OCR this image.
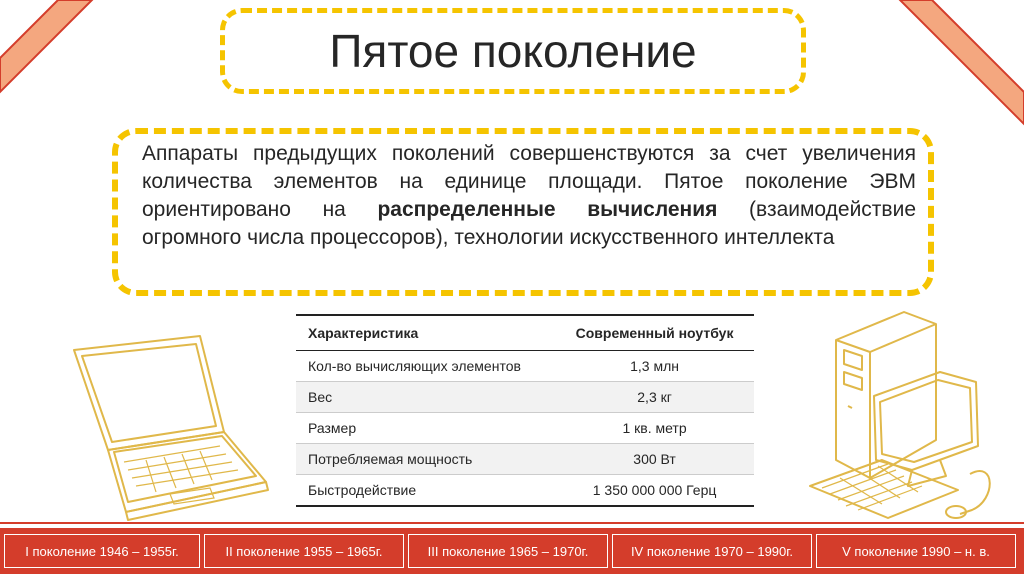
Пятое поколение
Аппараты предыдущих поколений совершенствуются за счет увеличения количества элементов на единице площади. Пятое поколение ЭВМ ориентировано на распределенные вычисления (взаимодействие огромного числа процессоров), технологии искусственного интеллекта
Характеристика	Современный ноутбук
Кол-во вычисляющих элементов	1,3 млн
Вес	2,3 кг
Размер	1 кв. метр
Потребляемая мощность	300 Вт
Быстродействие	1 350 000 000 Герц
I поколение 1946 – 1955г.	II поколение 1955 – 1965г.	III поколение 1965 – 1970г.	IV поколение 1970 – 1990г.	V поколение 1990 – н. в.
